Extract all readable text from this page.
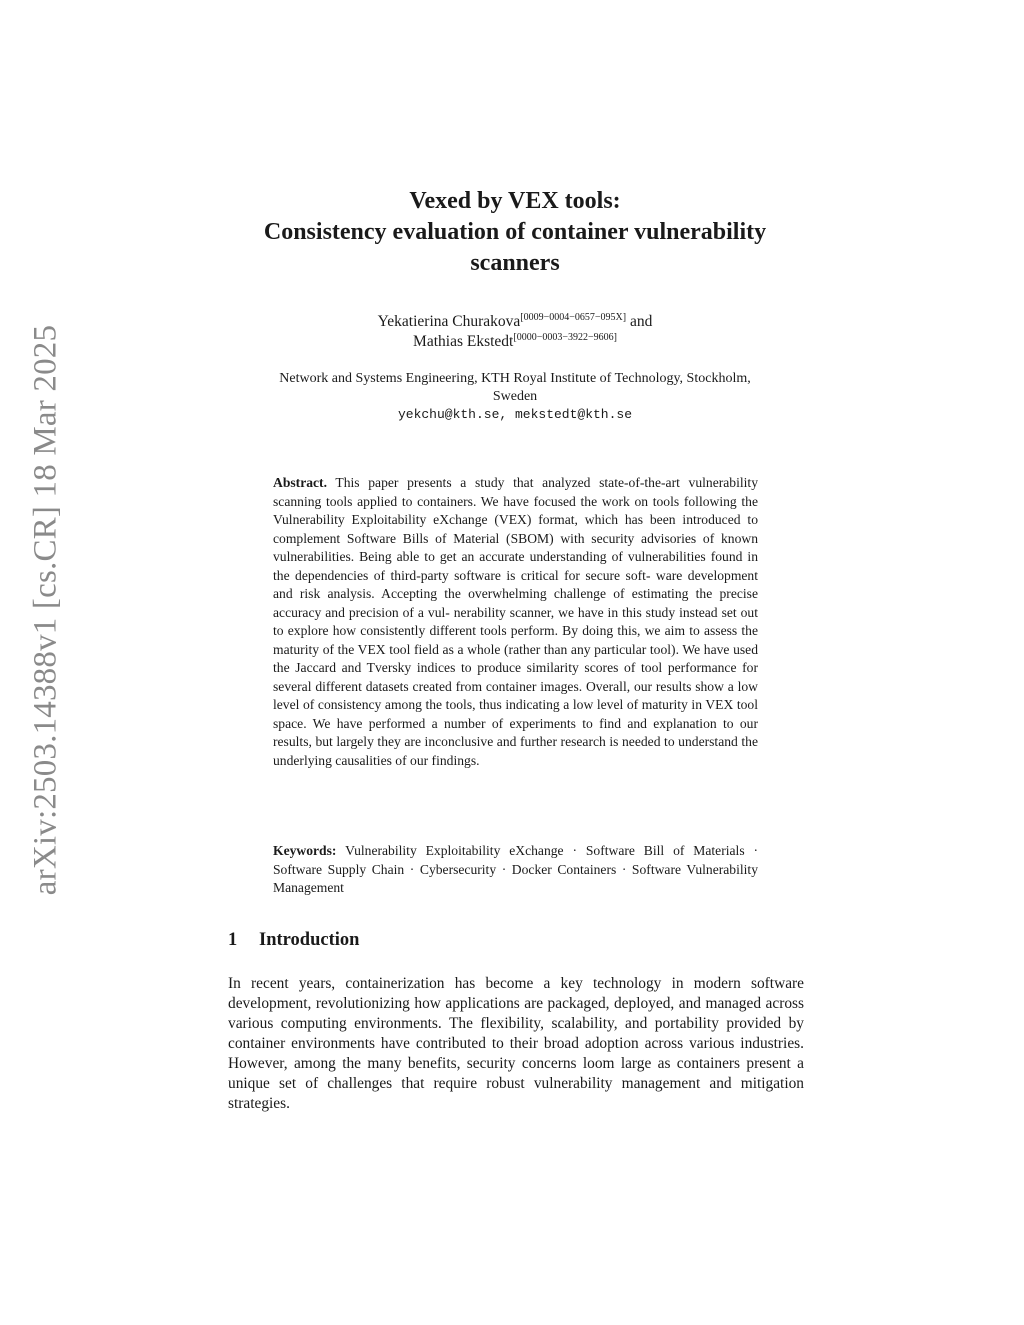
arXiv:2503.14388v1 [cs.CR] 18 Mar 2025
Vexed by VEX tools:
Consistency evaluation of container vulnerability
scanners
Yekatierina Churakova[0009−0004−0657−095X] and
Mathias Ekstedt[0000−0003−3922−9606]
Network and Systems Engineering, KTH Royal Institute of Technology, Stockholm,
Sweden
yekchu@kth.se, mekstedt@kth.se
Abstract. This paper presents a study that analyzed state-of-the-art vulnerability scanning tools applied to containers. We have focused the work on tools following the Vulnerability Exploitability eXchange (VEX) format, which has been introduced to complement Software Bills of Material (SBOM) with security advisories of known vulnerabilities. Being able to get an accurate understanding of vulnerabilities found in the dependencies of third-party software is critical for secure soft- ware development and risk analysis. Accepting the overwhelming challenge of estimating the precise accuracy and precision of a vul- nerability scanner, we have in this study instead set out to explore how consistently different tools perform. By doing this, we aim to assess the maturity of the VEX tool field as a whole (rather than any particular tool). We have used the Jaccard and Tversky indices to produce similarity scores of tool performance for several different datasets created from container images. Overall, our results show a low level of consistency among the tools, thus indicating a low level of maturity in VEX tool space. We have performed a number of experiments to find and explanation to our results, but largely they are inconclusive and further research is needed to understand the underlying causalities of our findings.
Keywords: Vulnerability Exploitability eXchange · Software Bill of Materials · Software Supply Chain · Cybersecurity · Docker Containers · Software Vulnerability Management
1 Introduction
In recent years, containerization has become a key technology in modern software development, revolutionizing how applications are packaged, deployed, and managed across various computing environments. The flexibility, scalability, and portability provided by container environments have contributed to their broad adoption across various industries. However, among the many benefits, security concerns loom large as containers present a unique set of challenges that require robust vulnerability management and mitigation strategies.
